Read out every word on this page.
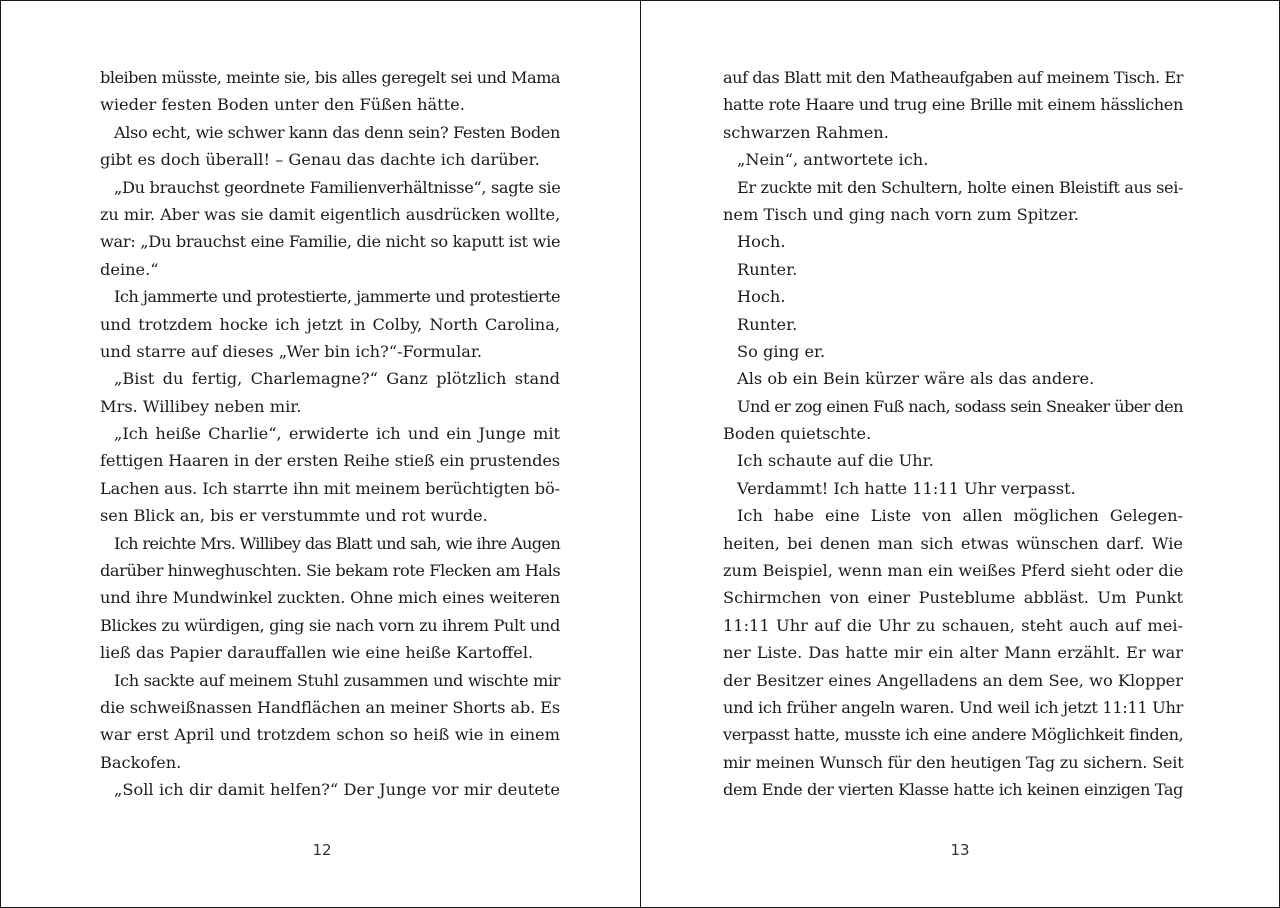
bleiben müsste, meinte sie, bis alles geregelt sei und Mama
wieder festen Boden unter den Füßen hätte.
Also echt, wie schwer kann das denn sein? Festen Boden
gibt es doch überall! – Genau das dachte ich darüber.
„Du brauchst geordnete Familienverhältnisse“, sagte sie
zu mir. Aber was sie damit eigentlich ausdrücken wollte,
war: „Du brauchst eine Familie, die nicht so kaputt ist wie
deine.“
Ich jammerte und protestierte, jammerte und protestierte
und trotzdem hocke ich jetzt in Colby, North Carolina,
und starre auf dieses „Wer bin ich?“-Formular.
„Bist du fertig, Charlemagne?“ Ganz plötzlich stand
Mrs. Willibey neben mir.
„Ich heiße Charlie“, erwiderte ich und ein Junge mit
fettigen Haaren in der ersten Reihe stieß ein prustendes
Lachen aus. Ich starrte ihn mit meinem berüchtigten bö-
sen Blick an, bis er verstummte und rot wurde.
Ich reichte Mrs. Willibey das Blatt und sah, wie ihre Augen
darüber hinweghuschten. Sie bekam rote Flecken am Hals
und ihre Mundwinkel zuckten. Ohne mich eines weiteren
Blickes zu würdigen, ging sie nach vorn zu ihrem Pult und
ließ das Papier darauffallen wie eine heiße Kartoffel.
Ich sackte auf meinem Stuhl zusammen und wischte mir
die schweißnassen Handflächen an meiner Shorts ab. Es
war erst April und trotzdem schon so heiß wie in einem
Backofen.
„Soll ich dir damit helfen?“ Der Junge vor mir deutete
auf das Blatt mit den Matheaufgaben auf meinem Tisch. Er
hatte rote Haare und trug eine Brille mit einem hässlichen
schwarzen Rahmen.
„Nein“, antwortete ich.
Er zuckte mit den Schultern, holte einen Bleistift aus sei-
nem Tisch und ging nach vorn zum Spitzer.
Hoch.
Runter.
Hoch.
Runter.
So ging er.
Als ob ein Bein kürzer wäre als das andere.
Und er zog einen Fuß nach, sodass sein Sneaker über den
Boden quietschte.
Ich schaute auf die Uhr.
Verdammt! Ich hatte 11:11 Uhr verpasst.
Ich habe eine Liste von allen möglichen Gelegen-
heiten, bei denen man sich etwas wünschen darf. Wie
zum Beispiel, wenn man ein weißes Pferd sieht oder die
Schirmchen von einer Pusteblume abbläst. Um Punkt
11:11 Uhr auf die Uhr zu schauen, steht auch auf mei-
ner Liste. Das hatte mir ein alter Mann erzählt. Er war
der Besitzer eines Angelladens an dem See, wo Klopper
und ich früher angeln waren. Und weil ich jetzt 11:11 Uhr
verpasst hatte, musste ich eine andere Möglichkeit finden,
mir meinen Wunsch für den heutigen Tag zu sichern. Seit
dem Ende der vierten Klasse hatte ich keinen einzigen Tag
12	13
